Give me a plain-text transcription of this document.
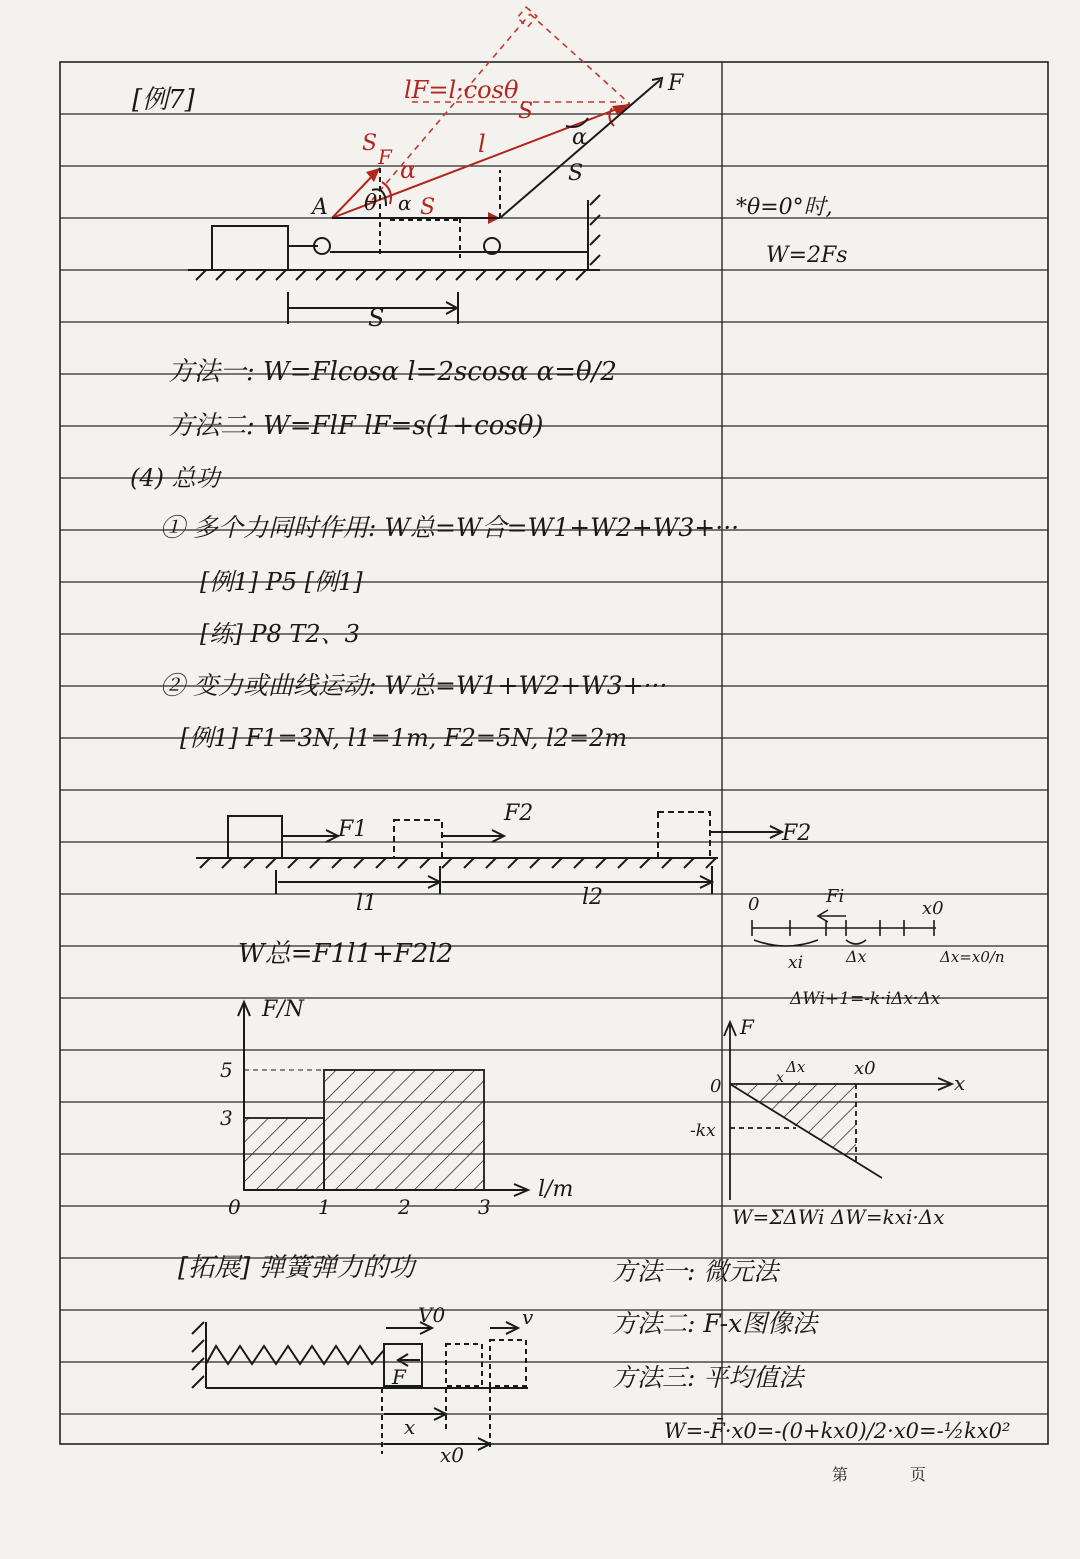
[例7]	lF=l·cosθ
S
S
F	l
α
θ α S
α
S
F
A
S
*θ=0°时,
W=2Fs
方法一: W=Flcosα l=2scosα α=θ/2
方法二: W=FlF lF=s(1+cosθ)
(4) 总功
① 多个力同时作用: W总=W合=W1+W2+W3+···
[例1] P5 [例1]
[练] P8 T2、3
② 变力或曲线运动: W总=W1+W2+W3+···
[例1] F1=3N, l1=1m, F2=5N, l2=2m
F1
F2
F2
l1	l2
W总=F1l1+F2l2
0	1	2	3
3
5
F/N
l/m
0	Fi
x0
xi	Δx	Δx=x0/n
ΔWi+1=-k·iΔx·Δx
F
0	x
-kx
Δx	x0
x
W=ΣΔWi ΔW=kxi·Δx
[拓展] 弹簧弹力的功
V0	v
F
x
x0
方法一: 微元法
方法二: F-x图像法
方法三: 平均值法
W=-F̄·x0=-(0+kx0)/2·x0=-½kx0²
第	页
